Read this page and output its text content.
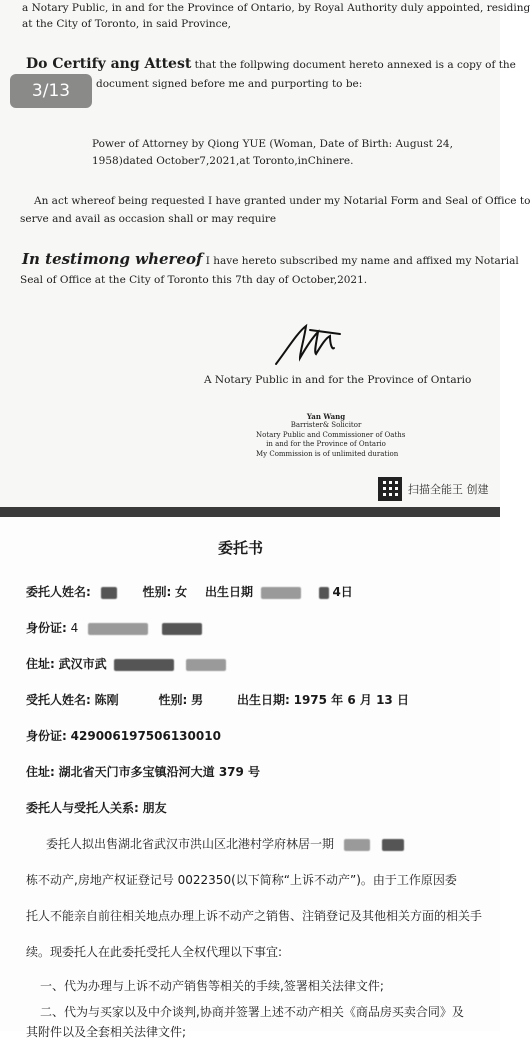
a Notary Public, in and for the Province of Ontario, by Royal Authority duly appointed, residing
at the City of Toronto, in said Province,
Do Certify ang Attest that the follpwing document hereto annexed is a copy of the
document signed before me and purporting to be:
Power of Attorney by Qiong YUE (Woman, Date of Birth: August 24,
1958)dated October7,2021,at Toronto,inChinere.
An act whereof being requested I have granted under my Notarial Form and Seal of Office to
serve and avail as occasion shall or may require
In testimong whereof I have hereto subscribed my name and affixed my Notarial
Seal of Office at the City of Toronto this 7th day of October,2021.
A Notary Public in and for the Province of Ontario
Yan Wang
Barrister& Solicitor
Notary Public and Commissioner of Oaths
in and for the Province of Ontario
My Commission is of unlimited duration
扫描全能王 创建
3/13
委托书
委托人姓名:	性别: 女 出生日期	4日
身份证: 4
住址: 武汉市武
受托人姓名: 陈刚	性别: 男	出生日期: 1975 年 6 月 13 日
身份证: 429006197506130010
住址: 湖北省天门市多宝镇沿河大道 379 号
委托人与受托人关系: 朋友
委托人拟出售湖北省武汉市洪山区北港村学府林居一期
栋不动产,房地产权证登记号 0022350(以下简称“上诉不动产”)。由于工作原因委
托人不能亲自前往相关地点办理上诉不动产之销售、注销登记及其他相关方面的相关手
续。现委托人在此委托受托人全权代理以下事宜:
一、代为办理与上诉不动产销售等相关的手续,签署相关法律文件;
二、代为与买家以及中介谈判,协商并签署上述不动产相关《商品房买卖合同》及
其附件以及全套相关法律文件;
